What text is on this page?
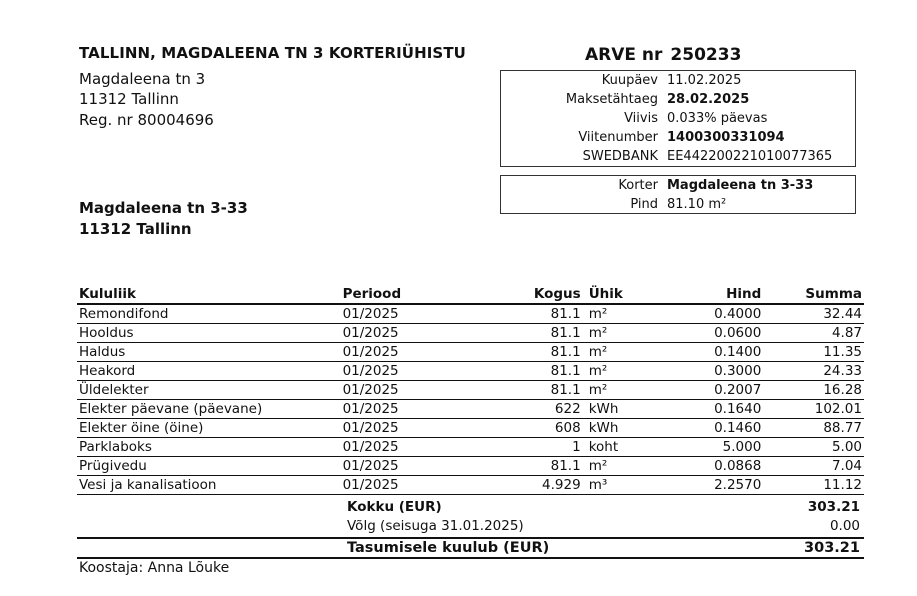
TALLINN, MAGDALEENA TN 3 KORTERIÜHISTU
Magdaleena tn 3
11312 Tallinn
Reg. nr 80004696
ARVE nr 250233
Kuupäev 11.02.2025
Maksetähtaeg 28.02.2025
Viivis 0.033% päevas
Viitenumber 1400300331094
SWEDBANK EE442200221010077365
Korter Magdaleena tn 3-33
Pind 81.10 m²
Magdaleena tn 3-33
11312 Tallinn
Kululiik	Periood	Kogus	Ühik	Hind	Summa
Remondifond	01/2025	81.1	m²	0.4000	32.44
Hooldus	01/2025	81.1	m²	0.0600	4.87
Haldus	01/2025	81.1	m²	0.1400	11.35
Heakord	01/2025	81.1	m²	0.3000	24.33
Üldelekter	01/2025	81.1	m²	0.2007	16.28
Elekter päevane (päevane)	01/2025	622	kWh	0.1640	102.01
Elekter öine (öine)	01/2025	608	kWh	0.1460	88.77
Parklaboks	01/2025	1	koht	5.000	5.00
Prügivedu	01/2025	81.1	m²	0.0868	7.04
Vesi ja kanalisatioon	01/2025	4.929	m³	2.2570	11.12
Kokku (EUR)	303.21
Võlg (seisuga 31.01.2025)	0.00
Tasumisele kuulub (EUR)	303.21
Koostaja: Anna Lõuke
